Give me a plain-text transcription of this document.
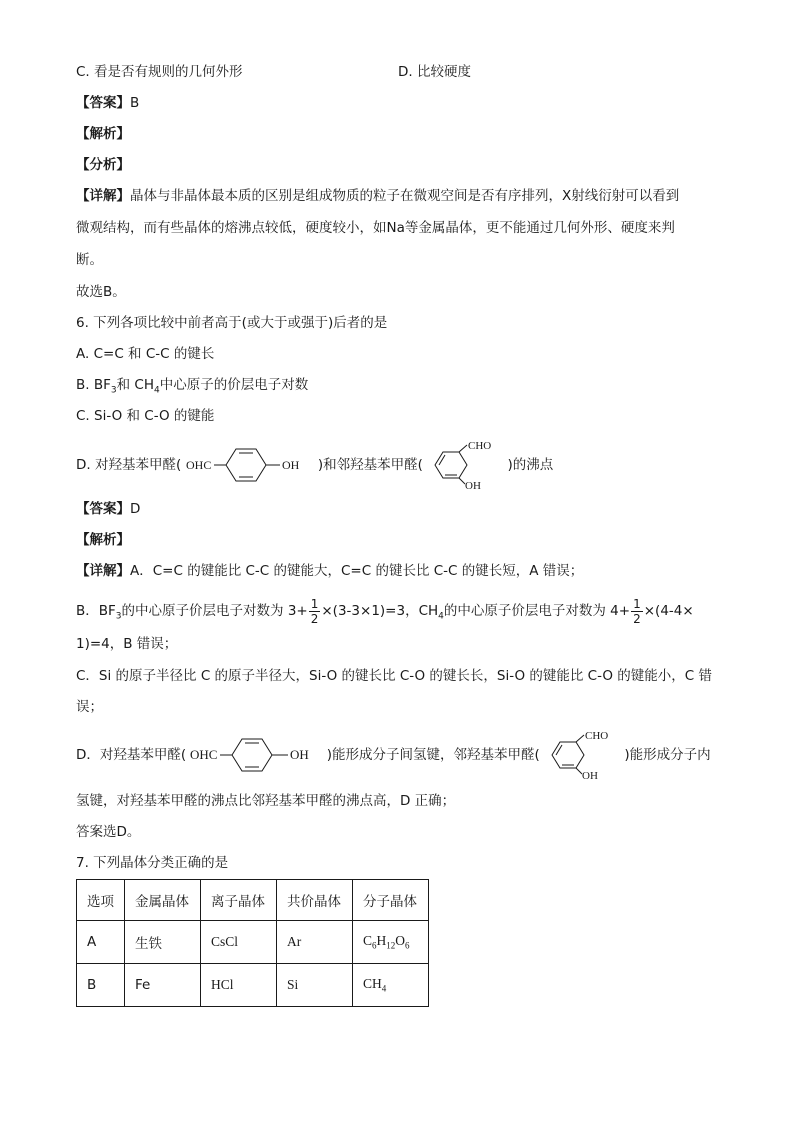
C. 看是否有规则的几何外形	D. 比较硬度
【答案】B
【解析】
【分析】
【详解】晶体与非晶体最本质的区别是组成物质的粒子在微观空间是否有序排列，X射线衍射可以看到
微观结构，而有些晶体的熔沸点较低，硬度较小，如Na等金属晶体，更不能通过几何外形、硬度来判
断。
故选B。
6. 下列各项比较中前者高于(或大于或强于)后者的是
A. C=C 和 C-C 的键长
B. $BF_3$和 $CH_4$中心原子的价层电子对数
C. Si-O 和 C-O 的键能
D. 对羟基苯甲醛( OHC	OH )和邻羟基苯甲醛(
CHO
OH
)的沸点
【答案】D
【解析】
【详解】A．C=C 的键能比 C-C 的键能大，C=C 的键长比 C-C 的键长短，A 错误；
B．$BF_3$的中心原子价层电子对数为 $3+ \frac{1}{2} \times(3-3\times 1)=3$，$CH_4$的中心原子价层电子对数为 $4+ \frac{1}{2} \times(4-4\times$
1)=4，B 错误；
C．Si 的原子半径比 C 的原子半径大，Si-O 的键长比 C-O 的键长长，Si-O 的键能比 C-O 的键能小，C 错
误；
D．对羟基苯甲醛( OHC	OH )能形成分子间氢键，邻羟基苯甲醛(
CHO
OH
)能形成分子内
氢键，对羟基苯甲醛的沸点比邻羟基苯甲醛的沸点高，D 正确；
答案选D。
7. 下列晶体分类正确的是
选项	金属晶体	离子晶体	共价晶体	分子晶体
A	生铁	CsCl	Ar	$C_6H_{12}O_6$
B	Fe	HCl	Si	$CH_4$
